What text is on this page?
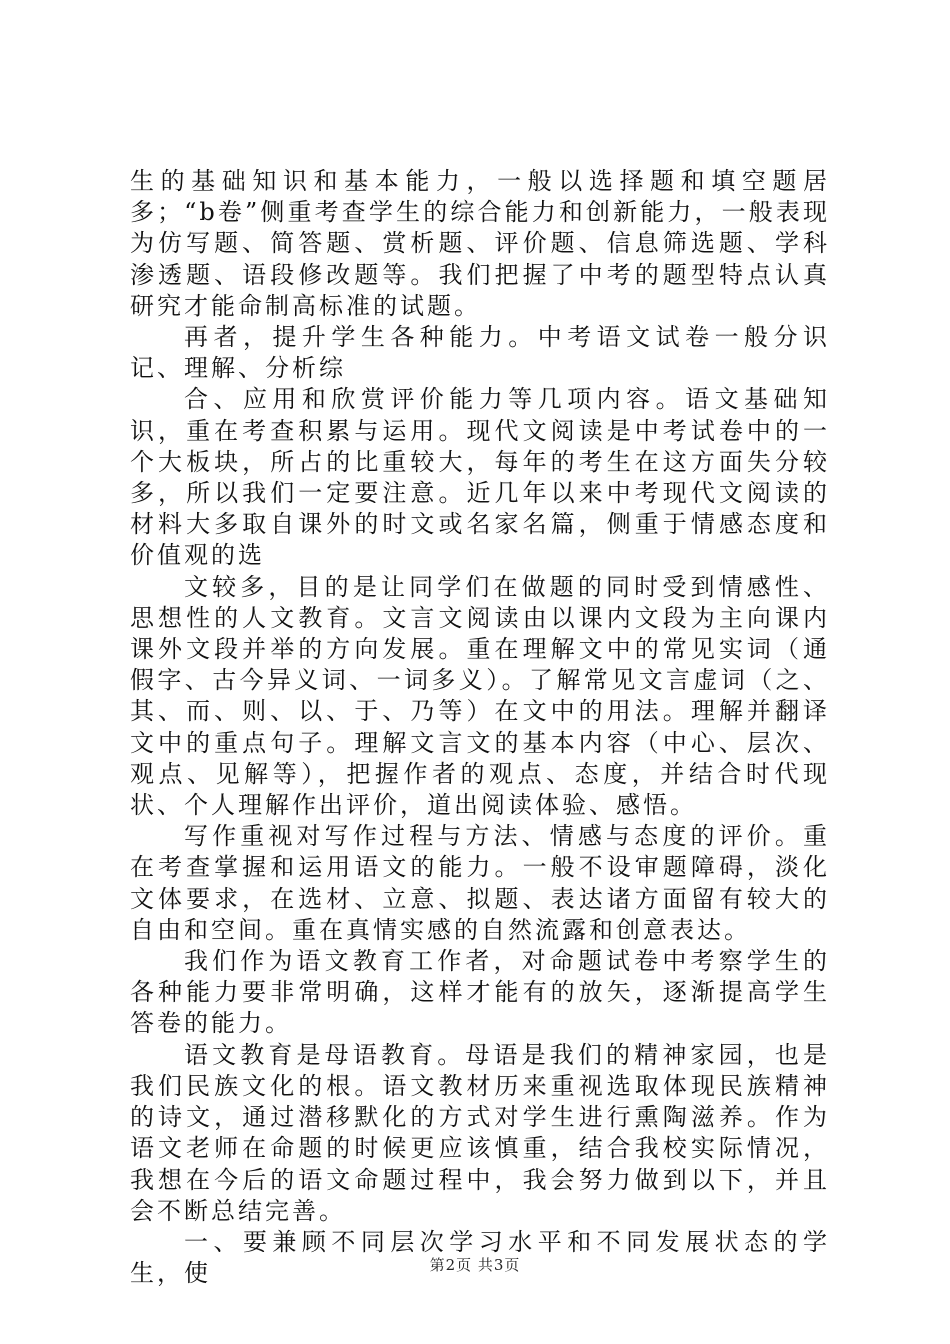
生的基础知识和基本能力，一般以选择题和填空题居多；“b卷”侧重考查学生的综合能力和创新能力，一般表现为仿写题、简答题、赏析题、评价题、信息筛选题、学科渗透题、语段修改题等。我们把握了中考的题型特点认真研究才能命制高标准的试题。

再者，提升学生各种能力。中考语文试卷一般分识记、理解、分析综

合、应用和欣赏评价能力等几项内容。语文基础知识，重在考查积累与运用。现代文阅读是中考试卷中的一个大板块，所占的比重较大，每年的考生在这方面失分较多，所以我们一定要注意。近几年以来中考现代文阅读的材料大多取自课外的时文或名家名篇，侧重于情感态度和价值观的选

文较多，目的是让同学们在做题的同时受到情感性、思想性的人文教育。文言文阅读由以课内文段为主向课内课外文段并举的方向发展。重在理解文中的常见实词（通假字、古今异义词、一词多义）。了解常见文言虚词（之、其、而、则、以、于、乃等）在文中的用法。理解并翻译文中的重点句子。理解文言文的基本内容（中心、层次、观点、见解等），把握作者的观点、态度，并结合时代现状、个人理解作出评价，道出阅读体验、感悟。

写作重视对写作过程与方法、情感与态度的评价。重在考查掌握和运用语文的能力。一般不设审题障碍，淡化文体要求，在选材、立意、拟题、表达诸方面留有较大的自由和空间。重在真情实感的自然流露和创意表达。

我们作为语文教育工作者，对命题试卷中考察学生的各种能力要非常明确，这样才能有的放矢，逐渐提高学生答卷的能力。

语文教育是母语教育。母语是我们的精神家园，也是我们民族文化的根。语文教材历来重视选取体现民族精神的诗文，通过潜移默化的方式对学生进行熏陶滋养。作为语文老师在命题的时候更应该慎重，结合我校实际情况，我想在今后的语文命题过程中，我会努力做到以下，并且会不断总结完善。

一、要兼顾不同层次学习水平和不同发展状态的学生，使	第2页 共3页
